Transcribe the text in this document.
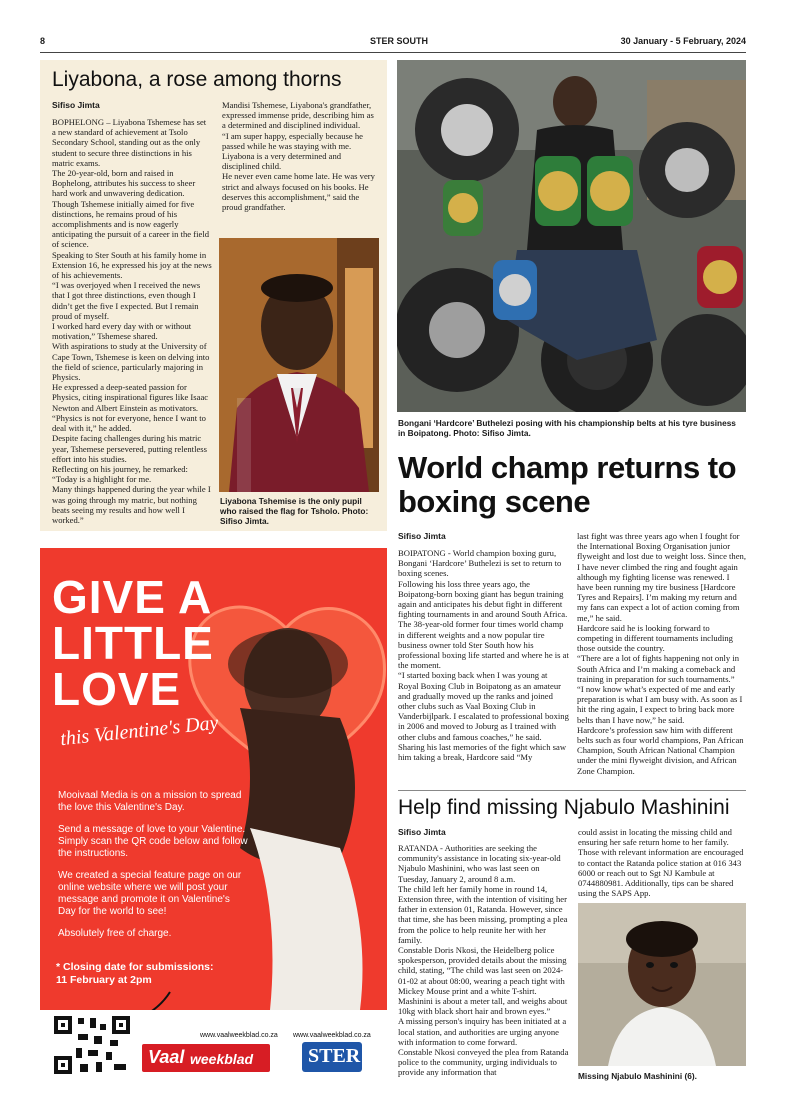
8	STER SOUTH	30 January - 5 February, 2024
Liyabona, a rose among thorns
Sifiso Jimta

BOPHELONG – Liyabona Tshemese has set a new standard of achievement at Tsolo Secondary School, standing out as the only student to secure three distinctions in his matric exams.

The 20-year-old, born and raised in Bophelong, attributes his success to sheer hard work and unwavering dedication.

Though Tshemese initially aimed for five distinctions, he remains proud of his accomplishments and is now eagerly anticipating the pursuit of a career in the field of science.

Speaking to Ster South at his family home in Extension 16, he expressed his joy at the news of his achievements.

“I was overjoyed when I received the news that I got three distinctions, even though I didn’t get the five I expected. But I remain proud of myself.

I worked hard every day with or without motivation,” Tshemese shared.

With aspirations to study at the University of Cape Town, Tshemese is keen on delving into the field of science, particularly majoring in Physics.

He expressed a deep-seated passion for Physics, citing inspirational figures like Isaac Newton and Albert Einstein as motivators.

“Physics is not for everyone, hence I want to deal with it,” he added.

Despite facing challenges during his matric year, Tshemese persevered, putting relentless effort into his studies.

Reflecting on his journey, he remarked: “Today is a highlight for me.

Many things happened during the year while I was going through my matric, but nothing beats seeing my results and how well I worked.”

Mandisi Tshemese, Liyabona's grandfather, expressed immense pride, describing him as a determined and disciplined individual.

“I am super happy, especially because he passed while he was staying with me. Liyabona is a very determined and disciplined child.

He never even came home late. He was very strict and always focused on his books. He deserves this accomplishment,” said the proud grandfather.

Liyabona Tshemise is the only pupil who raised the flag for Tsholo. Photo: Sifiso Jimta.
Bongani ‘Hardcore’ Buthelezi posing with his championship belts at his tyre business in Boipatong. Photo: Sifiso Jimta.
World champ returns to boxing scene
Sifiso Jimta

BOIPATONG - World champion boxing guru, Bongani ‘Hardcore’ Buthelezi is set to return to boxing scenes.

Following his loss three years ago, the Boipatong-born boxing giant has begun training again and anticipates his debut fight in different fighting tournaments in and around South Africa.

The 38-year-old former four times world champ in different weights and a now popular tire business owner told Ster South how his professional boxing life started and where he is at the moment.

“I started boxing back when I was young at Royal Boxing Club in Boipatong as an amateur and gradually moved up the ranks and joined other clubs such as Vaal Boxing Club in Vanderbijlpark. I escalated to professional boxing in 2006 and moved to Joburg as I trained with other clubs and famous coaches,” he said.

Sharing his last memories of the fight which saw him taking a break, Hardcore said “My

last fight was three years ago when I fought for the International Boxing Organisation junior flyweight and lost due to weight loss. Since then, I have never climbed the ring and fought again although my fighting license was renewed. I have been running my tire business [Hardcore Tyres and Repairs]. I’m making my return and my fans can expect a lot of action coming from me,” he said.

Hardcore said he is looking forward to competing in different tournaments including those outside the country.

“There are a lot of fights happening not only in South Africa and I’m making a comeback and training in preparation for such tournaments.”

“I now know what’s expected of me and early preparation is what I am busy with. As soon as I hit the ring again, I expect to bring back more belts than I have now,” he said.

Hardcore’s profession saw him with different belts such as four world champions, Pan African Champion, South African National Champion under the mini flyweight division, and African Zone Champion.

GIVE A
LITTLE
LOVE
this Valentine's Day

Mooivaal Media is on a mission to spread the love this Valentine's Day.

Send a message of love to your Valentine. Simply scan the QR code below and follow the instructions.

We created a special feature page on our online website where we will post your message and promote it on Valentine's Day for the world to see!

Absolutely free of charge.

* Closing date for submissions:
11 February at 2pm
www.vaalweekblad.co.za www.vaalweekblad.co.za
Vaal weekblad	STER
Help find missing Njabulo Mashinini
Sifiso Jimta

RATANDA - Authorities are seeking the community's assistance in locating six-year-old Njabulo Mashinini, who was last seen on Tuesday, January 2, around 8 a.m.

The child left her family home in round 14, Extension three, with the intention of visiting her father in extension 01, Ratanda. However, since that time, she has been missing, prompting a plea from the police to help reunite her with her family.

Constable Doris Nkosi, the Heidelberg police spokesperson, provided details about the missing child, stating, “The child was last seen on 2024-01-02 at about 08:00, wearing a peach tight with Mickey Mouse print and a white T-shirt. Mashinini is about a meter tall, and weighs about 10kg with black short hair and brown eyes.”

A missing person's inquiry has been initiated at a local station, and authorities are urging anyone with information to come forward.

Constable Nkosi conveyed the plea from Ratanda police to the community, urging individuals to provide any information that

could assist in locating the missing child and ensuring her safe return home to her family. Those with relevant information are encouraged to contact the Ratanda police station at 016 343 6000 or reach out to Sgt NJ Kambule at 0744880981. Additionally, tips can be shared using the SAPS App.

Missing Njabulo Mashinini (6).
